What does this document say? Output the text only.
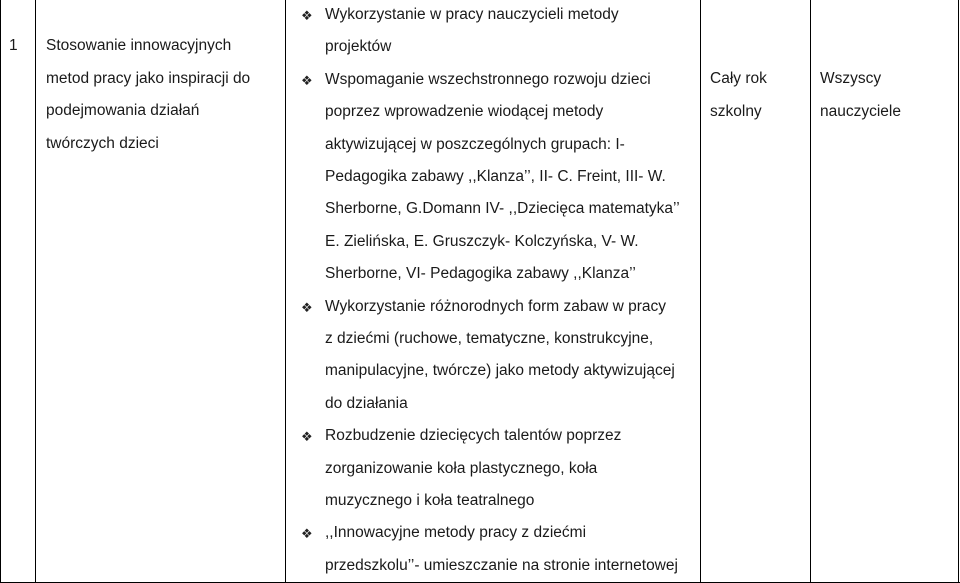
1 Stosowanie innowacyjnych
metod pracy jako inspiracji do
podejmowania działań
twórczych dzieci
Cały rok
szkolny
Wszyscy
nauczyciele
❖ Wykorzystanie w pracy nauczycieli metody
projektów
❖ Wspomaganie wszechstronnego rozwoju dzieci
poprzez wprowadzenie wiodącej metody
aktywizującej w poszczególnych grupach: I-
Pedagogika zabawy ,,Klanza’’, II- C. Freint, III- W.
Sherborne, G.Domann IV- ,,Dziecięca matematyka’’
E. Zielińska, E. Gruszczyk- Kolczyńska, V- W.
Sherborne, VI- Pedagogika zabawy ,,Klanza’’
❖ Wykorzystanie różnorodnych form zabaw w pracy
z dziećmi (ruchowe, tematyczne, konstrukcyjne,
manipulacyjne, twórcze) jako metody aktywizującej
do działania
❖ Rozbudzenie dziecięcych talentów poprzez
zorganizowanie koła plastycznego, koła
muzycznego i koła teatralnego
❖ ,,Innowacyjne metody pracy z dziećmi
przedszkolu’’- umieszczanie na stronie internetowej
